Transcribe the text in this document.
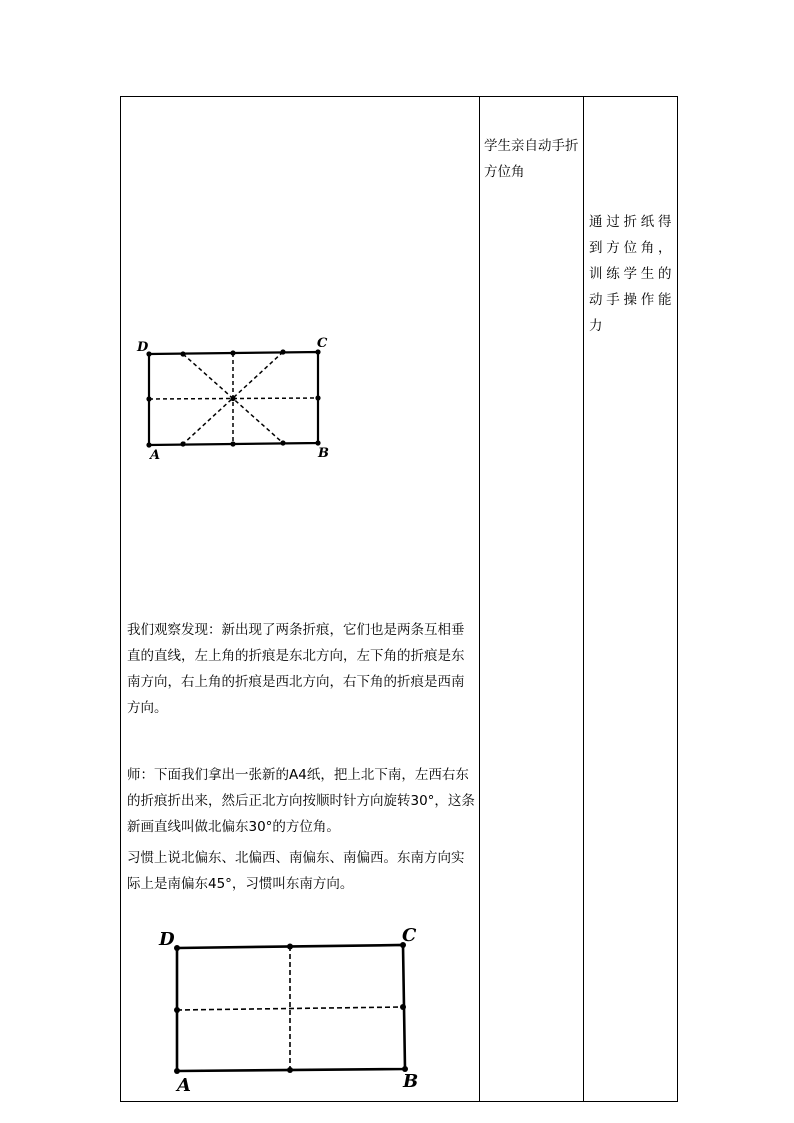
学生亲自动手折方位角
通过折纸得到方位角，训练学生的动手操作能力
D	C
A	B
我们观察发现：新出现了两条折痕，它们也是两条互相垂直的直线，左上角的折痕是东北方向，左下角的折痕是东南方向，右上角的折痕是西北方向，右下角的折痕是西南方向。
师：下面我们拿出一张新的A4纸，把上北下南，左西右东的折痕折出来，然后正北方向按顺时针方向旋转30°，这条新画直线叫做北偏东30°的方位角。
习惯上说北偏东、北偏西、南偏东、南偏西。东南方向实际上是南偏东45°，习惯叫东南方向。
D	C
A	B
